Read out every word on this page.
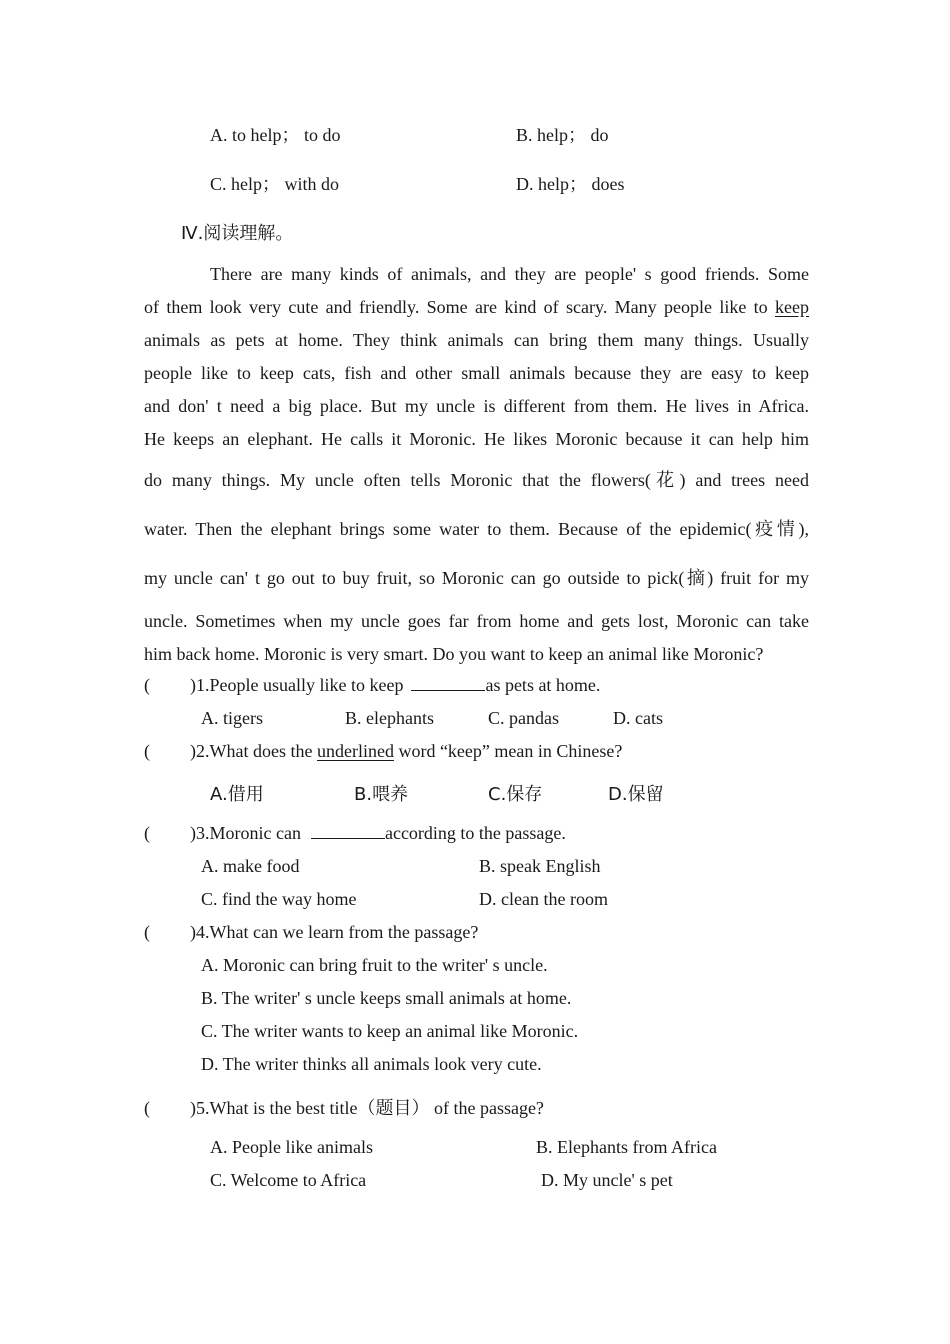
A. to help； to do	B. help； do
C. help； with do	D. help； does
Ⅳ.阅读理解。
There are many kinds of animals, and they are people' s good friends. Some
of them look very cute and friendly. Some are kind of scary. Many people like to keep
animals as pets at home. They think animals can bring them many things. Usually
people like to keep cats, fish and other small animals because they are easy to keep
and don' t need a big place. But my uncle is different from them. He lives in Africa.
He keeps an elephant. He calls it Moronic. He likes Moronic because it can help him
do many things. My uncle often tells Moronic that the flowers(花) and trees need
water. Then the elephant brings some water to them. Because of the epidemic(疫情),
my uncle can' t go out to buy fruit, so Moronic can go outside to pick(摘) fruit for my
uncle. Sometimes when my uncle goes far from home and gets lost, Moronic can take
him back home. Moronic is very smart. Do you want to keep an animal like Moronic?
( )1.People usually like to keep	as pets at home.
A. tigers	B. elephants	C. pandas	D. cats
( )2.What does the underlined word “keep” mean in Chinese?
A.借用	B.喂养	C.保存	D.保留
( )3.Moronic can	according to the passage.
A. make food	B. speak English
C. find the way home	D. clean the room
( )4.What can we learn from the passage?
A. Moronic can bring fruit to the writer' s uncle.
B. The writer' s uncle keeps small animals at home.
C. The writer wants to keep an animal like Moronic.
D. The writer thinks all animals look very cute.
( )5.What is the best title（题目） of the passage?
A. People like animals	B. Elephants from Africa
C. Welcome to Africa	D. My uncle' s pet
